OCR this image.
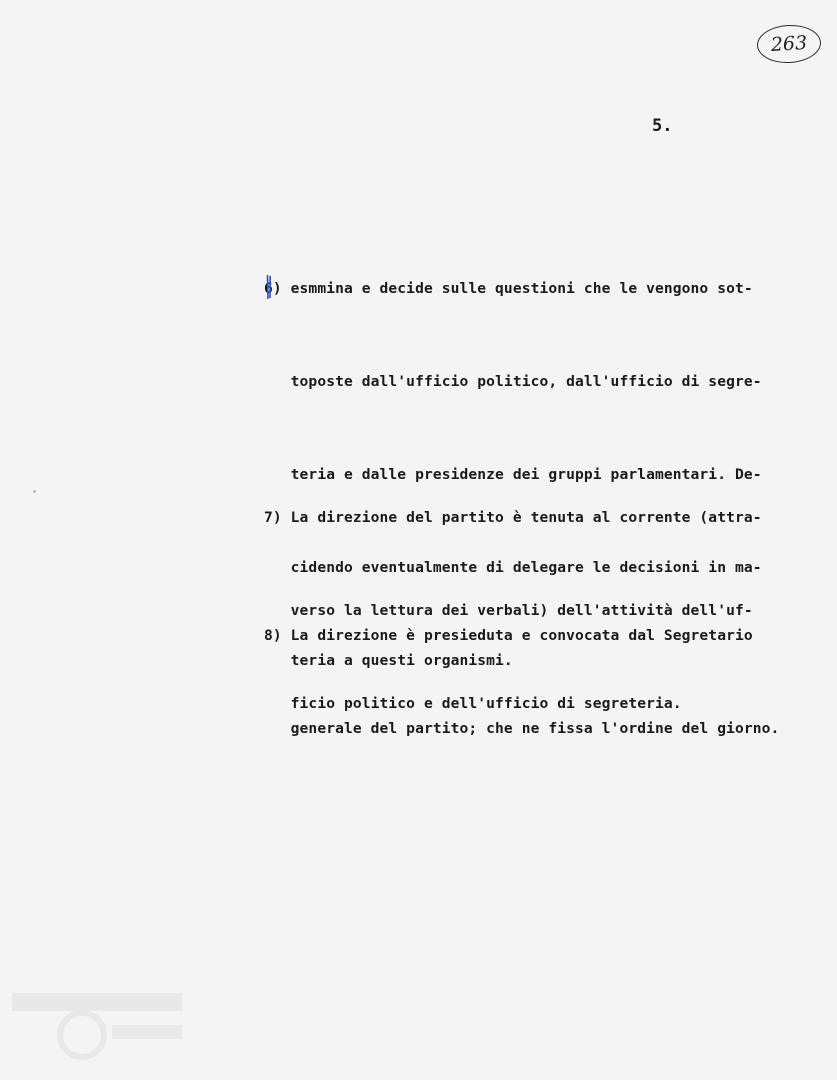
263
5.

6) esmmina e decide sulle questioni che le vengono sot-

toposte dall'ufficio politico, dall'ufficio di segre-

teria e dalle presidenze dei gruppi parlamentari. De-

cidendo eventualmente di delegare le decisioni in ma-

teria a questi organismi.

7) La direzione del partito è tenuta al corrente (attra-

verso la lettura dei verbali) dell'attività dell'uf-

ficio politico e dell'ufficio di segreteria.

8) La direzione è presieduta e convocata dal Segretario

generale del partito; che ne fissa l'ordine del giorno.
